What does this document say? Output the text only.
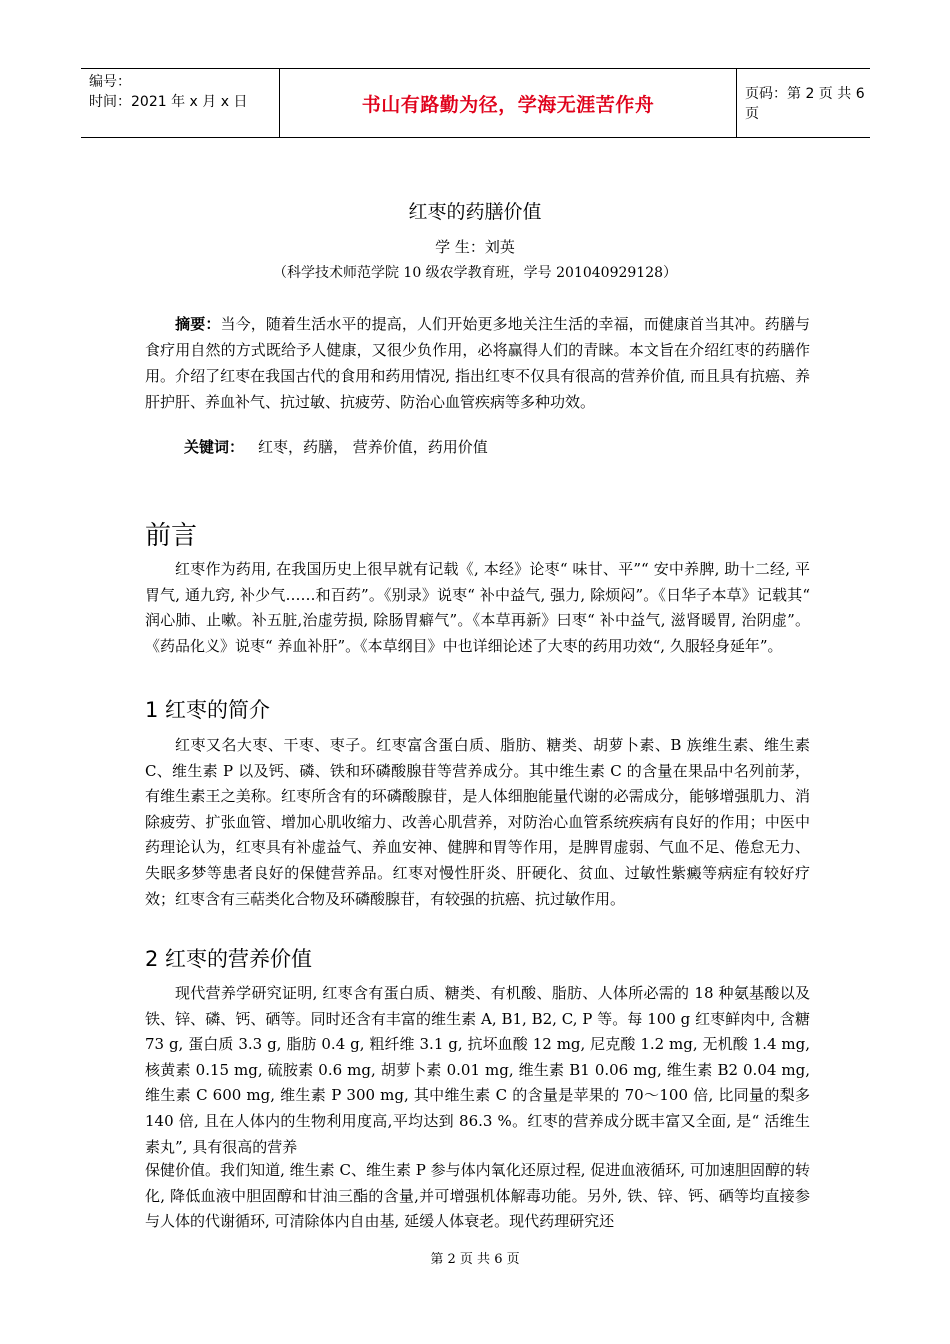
编号：
时间：2021 年 x 月 x 日	书山有路勤为径，学海无涯苦作舟	页码：第 2 页 共 6 页
红枣的药膳价值
学 生：刘英
（科学技术师范学院 10 级农学教育班，学号 201040929128）
摘要：当今，随着生活水平的提高，人们开始更多地关注生活的幸福，而健康首当其冲。药膳与食疗用自然的方式既给予人健康，又很少负作用，必将赢得人们的青睐。本文旨在介绍红枣的药膳作用。介绍了红枣在我国古代的食用和药用情况, 指出红枣不仅具有很高的营养价值, 而且具有抗癌、养肝护肝、养血补气、抗过敏、抗疲劳、防治心血管疾病等多种功效。
关键词： 红枣，药膳， 营养价值，药用价值
前言
红枣作为药用, 在我国历史上很早就有记载《, 本经》论枣“ 味甘、平”“ 安中养脾, 助十二经, 平胃气, 通九窍, 补少气……和百药”。《别录》说枣“ 补中益气, 强力, 除烦闷”。《日华子本草》记载其“ 润心肺、止嗽。补五脏,治虚劳损, 除肠胃癖气”。《本草再新》曰枣“ 补中益气, 滋肾暖胃, 治阴虚”。《药品化义》说枣“ 养血补肝”。《本草纲目》中也详细论述了大枣的药用功效“, 久服轻身延年”。
1 红枣的简介
红枣又名大枣、干枣、枣子。红枣富含蛋白质、脂肪、糖类、胡萝卜素、B 族维生素、维生素 C、维生素 P 以及钙、磷、铁和环磷酸腺苷等营养成分。其中维生素 C 的含量在果品中名列前茅，有维生素王之美称。红枣所含有的环磷酸腺苷，是人体细胞能量代谢的必需成分，能够增强肌力、消除疲劳、扩张血管、增加心肌收缩力、改善心肌营养，对防治心血管系统疾病有良好的作用；中医中药理论认为，红枣具有补虚益气、养血安神、健脾和胃等作用，是脾胃虚弱、气血不足、倦怠无力、失眠多梦等患者良好的保健营养品。红枣对慢性肝炎、肝硬化、贫血、过敏性紫癜等病症有较好疗效；红枣含有三萜类化合物及环磷酸腺苷，有较强的抗癌、抗过敏作用。
2 红枣的营养价值
现代营养学研究证明, 红枣含有蛋白质、糖类、有机酸、脂肪、人体所必需的 18 种氨基酸以及铁、锌、磷、钙、硒等。同时还含有丰富的维生素 A, B1, B2, C, P 等。每 100 g 红枣鲜肉中, 含糖 73 g, 蛋白质 3.3 g, 脂肪 0.4 g, 粗纤维 3.1 g, 抗坏血酸 12 mg, 尼克酸 1.2 mg, 无机酸 1.4 mg, 核黄素 0.15 mg, 硫胺素 0.6 mg, 胡萝卜素 0.01 mg, 维生素 B1 0.06 mg, 维生素 B2 0.04 mg, 维生素 C 600 mg, 维生素 P 300 mg, 其中维生素 C 的含量是苹果的 70～100 倍, 比同量的梨多 140 倍, 且在人体内的生物利用度高,平均达到 86.3 %。红枣的营养成分既丰富又全面, 是“ 活维生素丸”, 具有很高的营养
保健价值。我们知道, 维生素 C、维生素 P 参与体内氧化还原过程, 促进血液循环, 可加速胆固醇的转化, 降低血液中胆固醇和甘油三酯的含量,并可增强机体解毒功能。另外, 铁、锌、钙、硒等均直接参与人体的代谢循环, 可清除体内自由基, 延缓人体衰老。现代药理研究还
第 2 页 共 6 页
